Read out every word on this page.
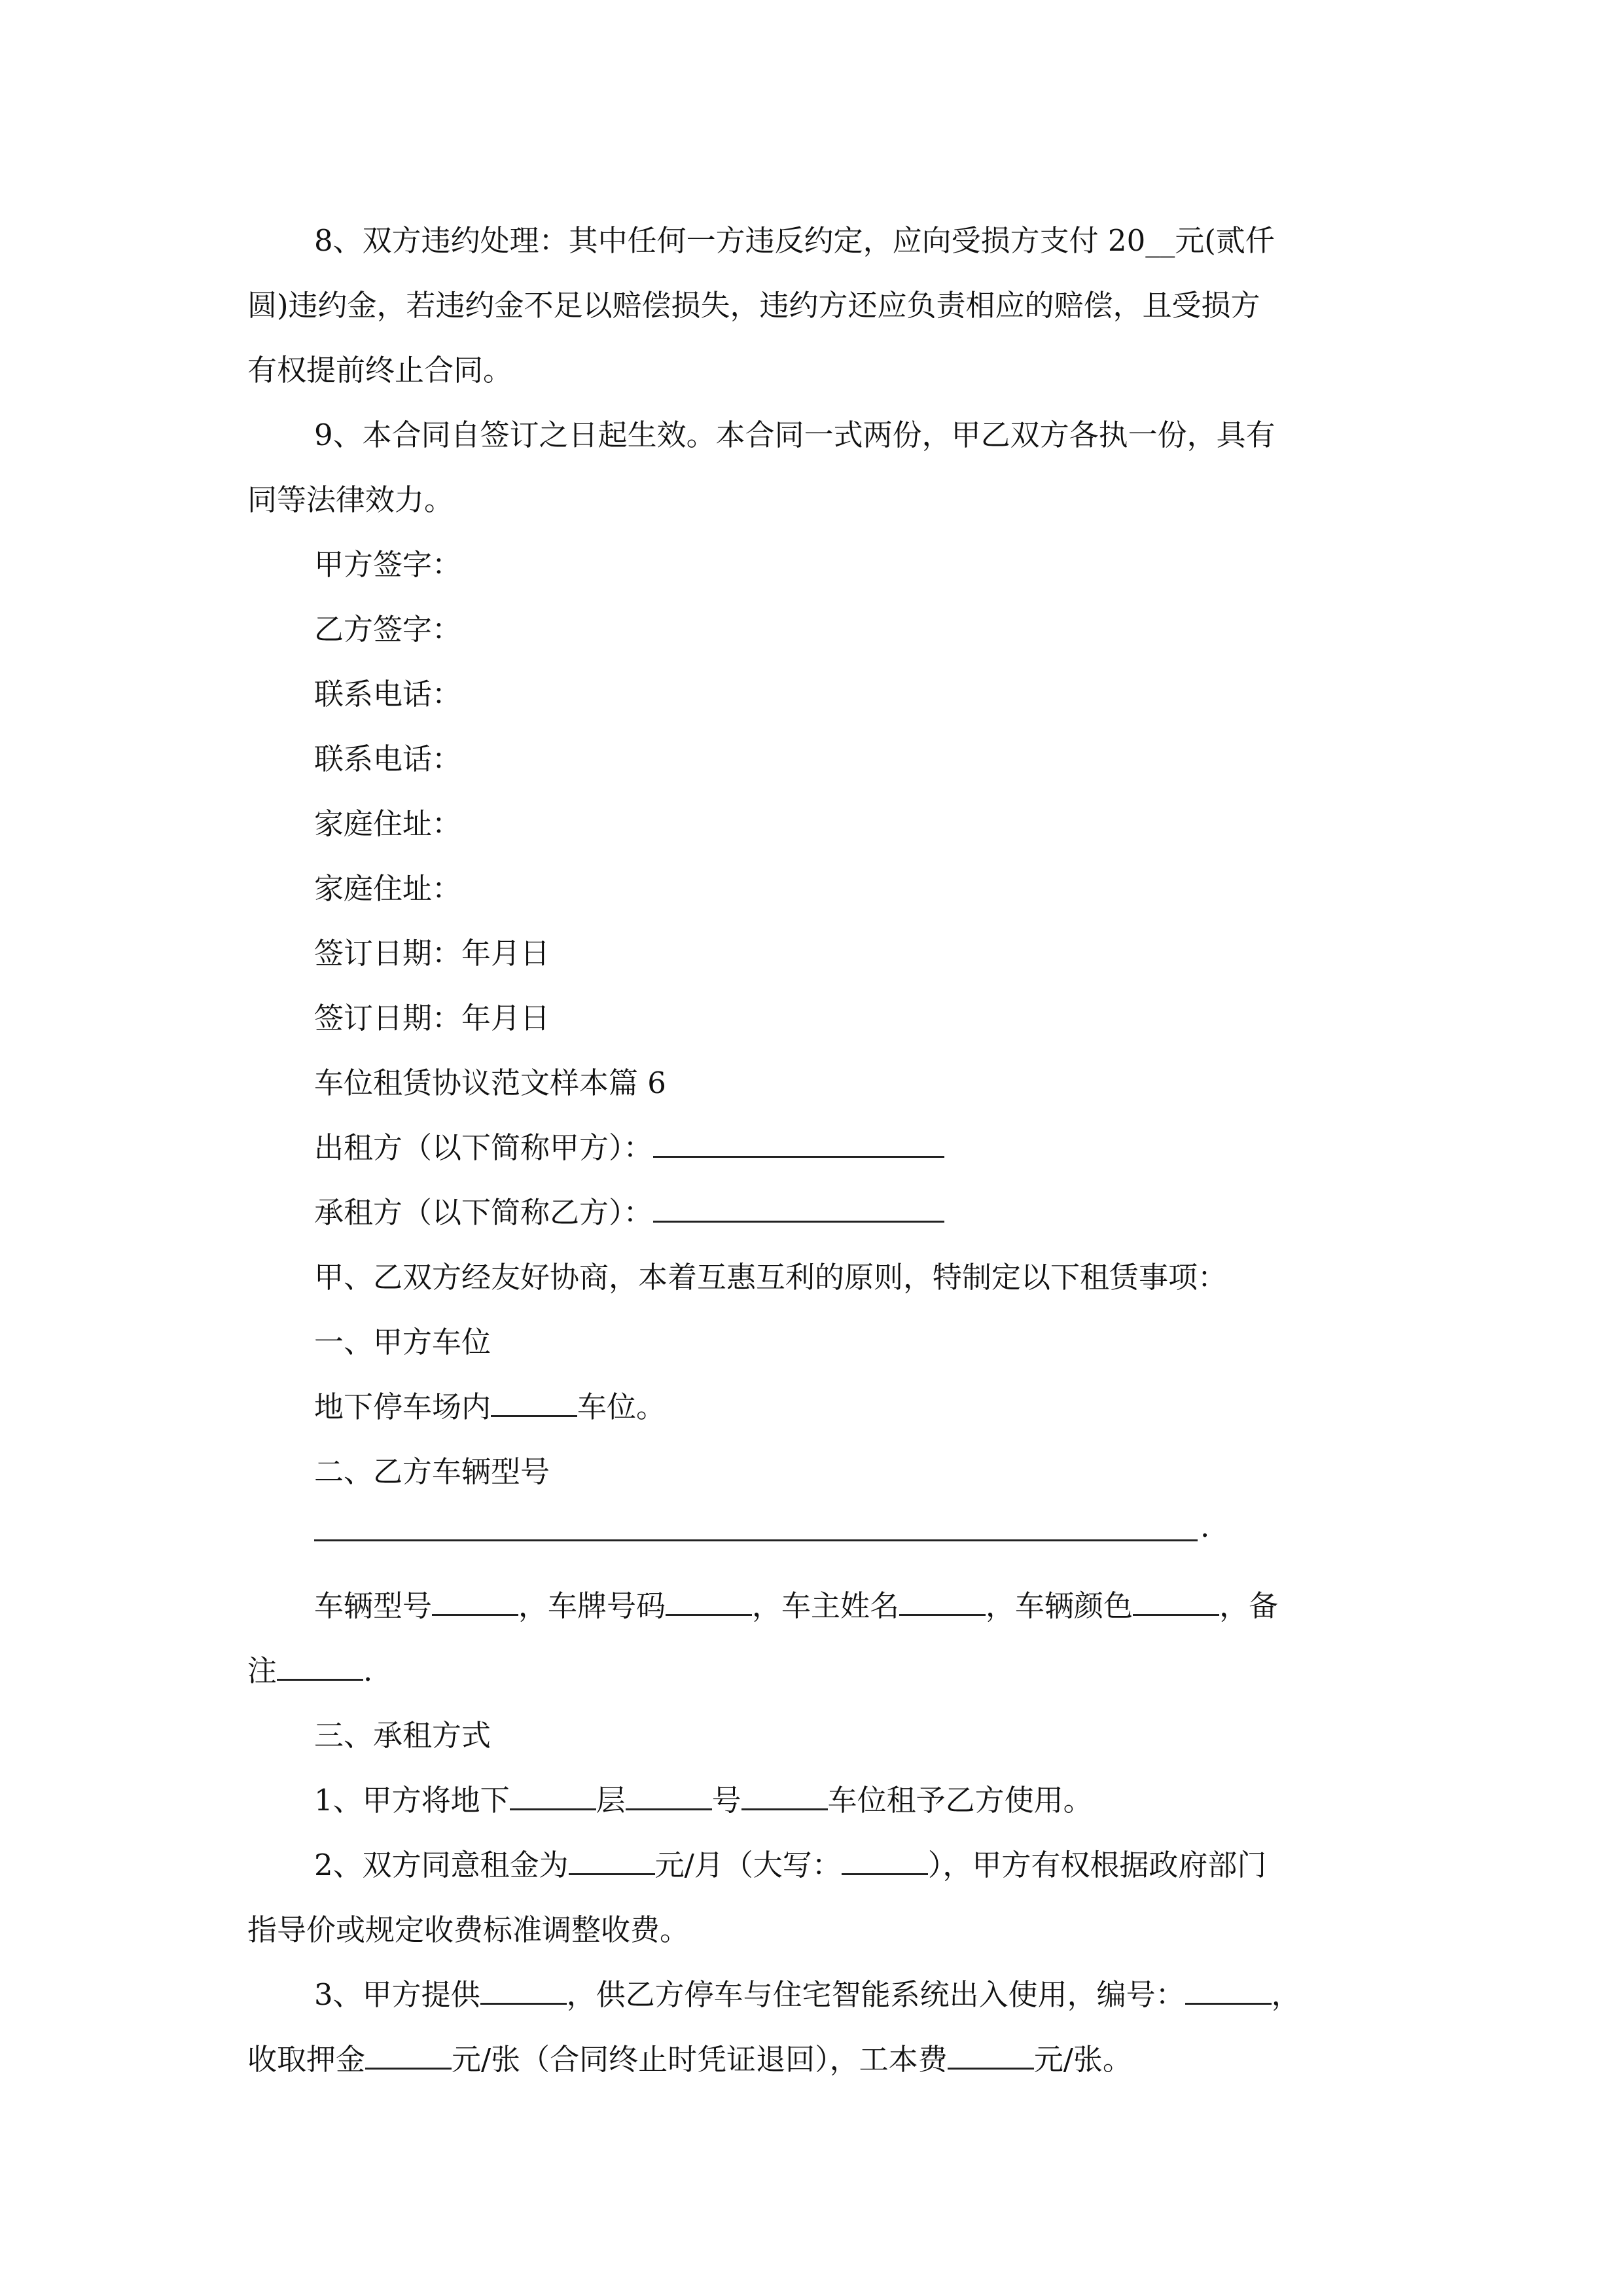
8、双方违约处理：其中任何一方违反约定，应向受损方支付 20__元(贰仟

圆)违约金，若违约金不足以赔偿损失，违约方还应负责相应的赔偿，且受损方

有权提前终止合同。

9、本合同自签订之日起生效。本合同一式两份，甲乙双方各执一份，具有

同等法律效力。

甲方签字：

乙方签字：

联系电话：

联系电话：

家庭住址：

家庭住址：

签订日期：年月日

签订日期：年月日

车位租赁协议范文样本篇 6

出租方（以下简称甲方）：

承租方（以下简称乙方）：

甲、乙双方经友好协商，本着互惠互利的原则，特制定以下租赁事项：

一、甲方车位

地下停车场内	车位。

二、乙方车辆型号

.

车辆型号	，车牌号码	，车主姓名	，车辆颜色	，备

注	.

三、承租方式

1、甲方将地下	层	号	车位租予乙方使用。

2、双方同意租金为	元/月（大写：	），甲方有权根据政府部门

指导价或规定收费标准调整收费。

3、甲方提供	，供乙方停车与住宅智能系统出入使用，编号：	，

收取押金	元/张（合同终止时凭证退回），工本费	元/张。
